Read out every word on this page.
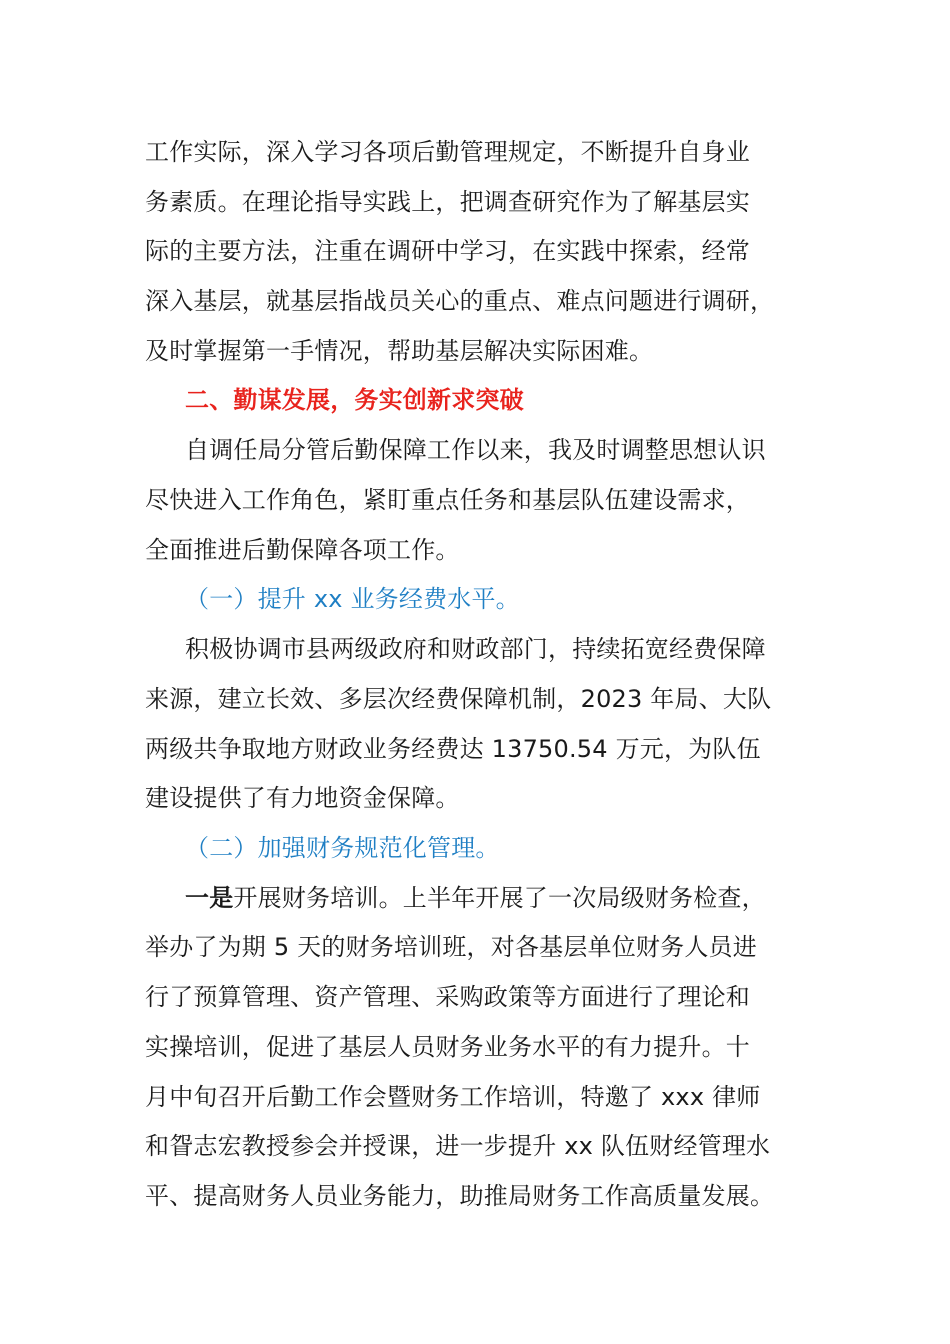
工作实际，深入学习各项后勤管理规定，不断提升自身业
务素质。在理论指导实践上，把调查研究作为了解基层实
际的主要方法，注重在调研中学习，在实践中探索，经常
深入基层，就基层指战员关心的重点、难点问题进行调研，
及时掌握第一手情况，帮助基层解决实际困难。
二、勤谋发展，务实创新求突破
自调任局分管后勤保障工作以来，我及时调整思想认识
尽快进入工作角色，紧盯重点任务和基层队伍建设需求，
全面推进后勤保障各项工作。
（一）提升 xx 业务经费水平。
积极协调市县两级政府和财政部门，持续拓宽经费保障
来源，建立长效、多层次经费保障机制，2023 年局、大队
两级共争取地方财政业务经费达 13750.54 万元，为队伍
建设提供了有力地资金保障。
（二）加强财务规范化管理。
一是开展财务培训。上半年开展了一次局级财务检查，
举办了为期 5 天的财务培训班，对各基层单位财务人员进
行了预算管理、资产管理、采购政策等方面进行了理论和
实操培训，促进了基层人员财务业务水平的有力提升。十
月中旬召开后勤工作会暨财务工作培训，特邀了 xxx 律师
和眢志宏教授参会并授课，进一步提升 xx 队伍财经管理水
平、提高财务人员业务能力，助推局财务工作高质量发展。
